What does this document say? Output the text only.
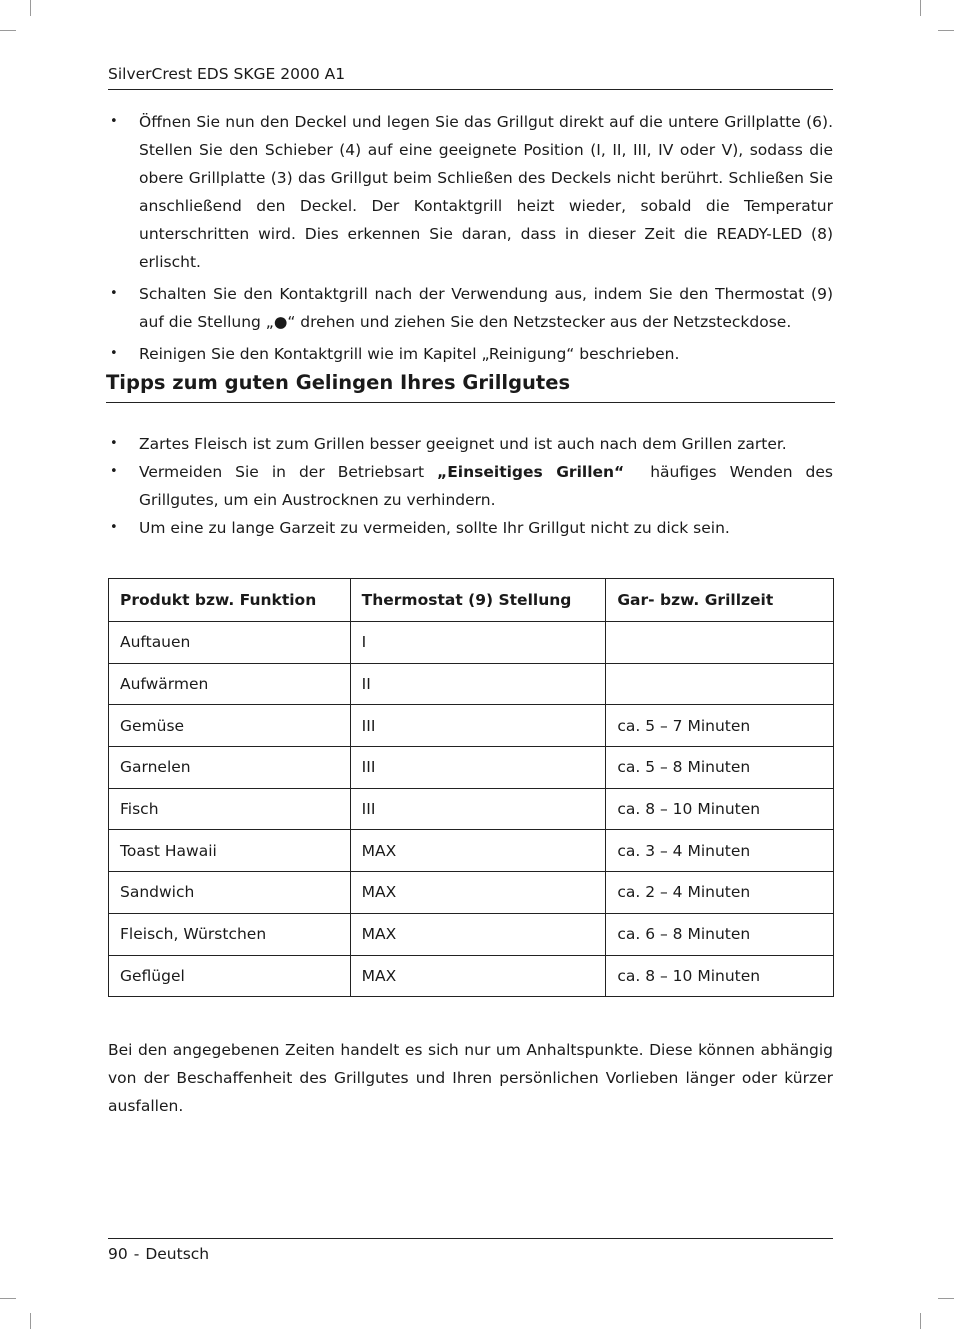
SilverCrest EDS SKGE 2000 A1
• Öffnen Sie nun den Deckel und legen Sie das Grillgut direkt auf die untere Grillplatte (6). Stellen Sie den Schieber (4) auf eine geeignete Position (I, II, III, IV oder V), sodass die obere Grillplatte (3) das Grillgut beim Schließen des Deckels nicht berührt. Schließen Sie anschließend den Deckel. Der Kontaktgrill heizt wieder, sobald die Temperatur unterschritten wird. Dies erkennen Sie daran, dass in dieser Zeit die READY-LED (8) erlischt.
• Schalten Sie den Kontaktgrill nach der Verwendung aus, indem Sie den Thermostat (9) auf die Stellung „●“ drehen und ziehen Sie den Netzstecker aus der Netzsteckdose.
• Reinigen Sie den Kontaktgrill wie im Kapitel „Reinigung“ beschrieben.
Tipps zum guten Gelingen Ihres Grillgutes
• Zartes Fleisch ist zum Grillen besser geeignet und ist auch nach dem Grillen zarter.
• Vermeiden Sie in der Betriebsart „Einseitiges Grillen“  häufiges Wenden des Grillgutes, um ein Austrocknen zu verhindern.
• Um eine zu lange Garzeit zu vermeiden, sollte Ihr Grillgut nicht zu dick sein.
Produkt bzw. Funktion	Thermostat (9) Stellung	Gar- bzw. Grillzeit
Auftauen	I	
Aufwärmen	II	
Gemüse	III	ca. 5 – 7 Minuten
Garnelen	III	ca. 5 – 8 Minuten
Fisch	III	ca. 8 – 10 Minuten
Toast Hawaii	MAX	ca. 3 – 4 Minuten
Sandwich	MAX	ca. 2 – 4 Minuten
Fleisch, Würstchen	MAX	ca. 6 – 8 Minuten
Geflügel	MAX	ca. 8 – 10 Minuten

Bei den angegebenen Zeiten handelt es sich nur um Anhaltspunkte. Diese können abhängig von der Beschaffenheit des Grillgutes und Ihren persönlichen Vorlieben länger oder kürzer ausfallen.

90 - Deutsch
